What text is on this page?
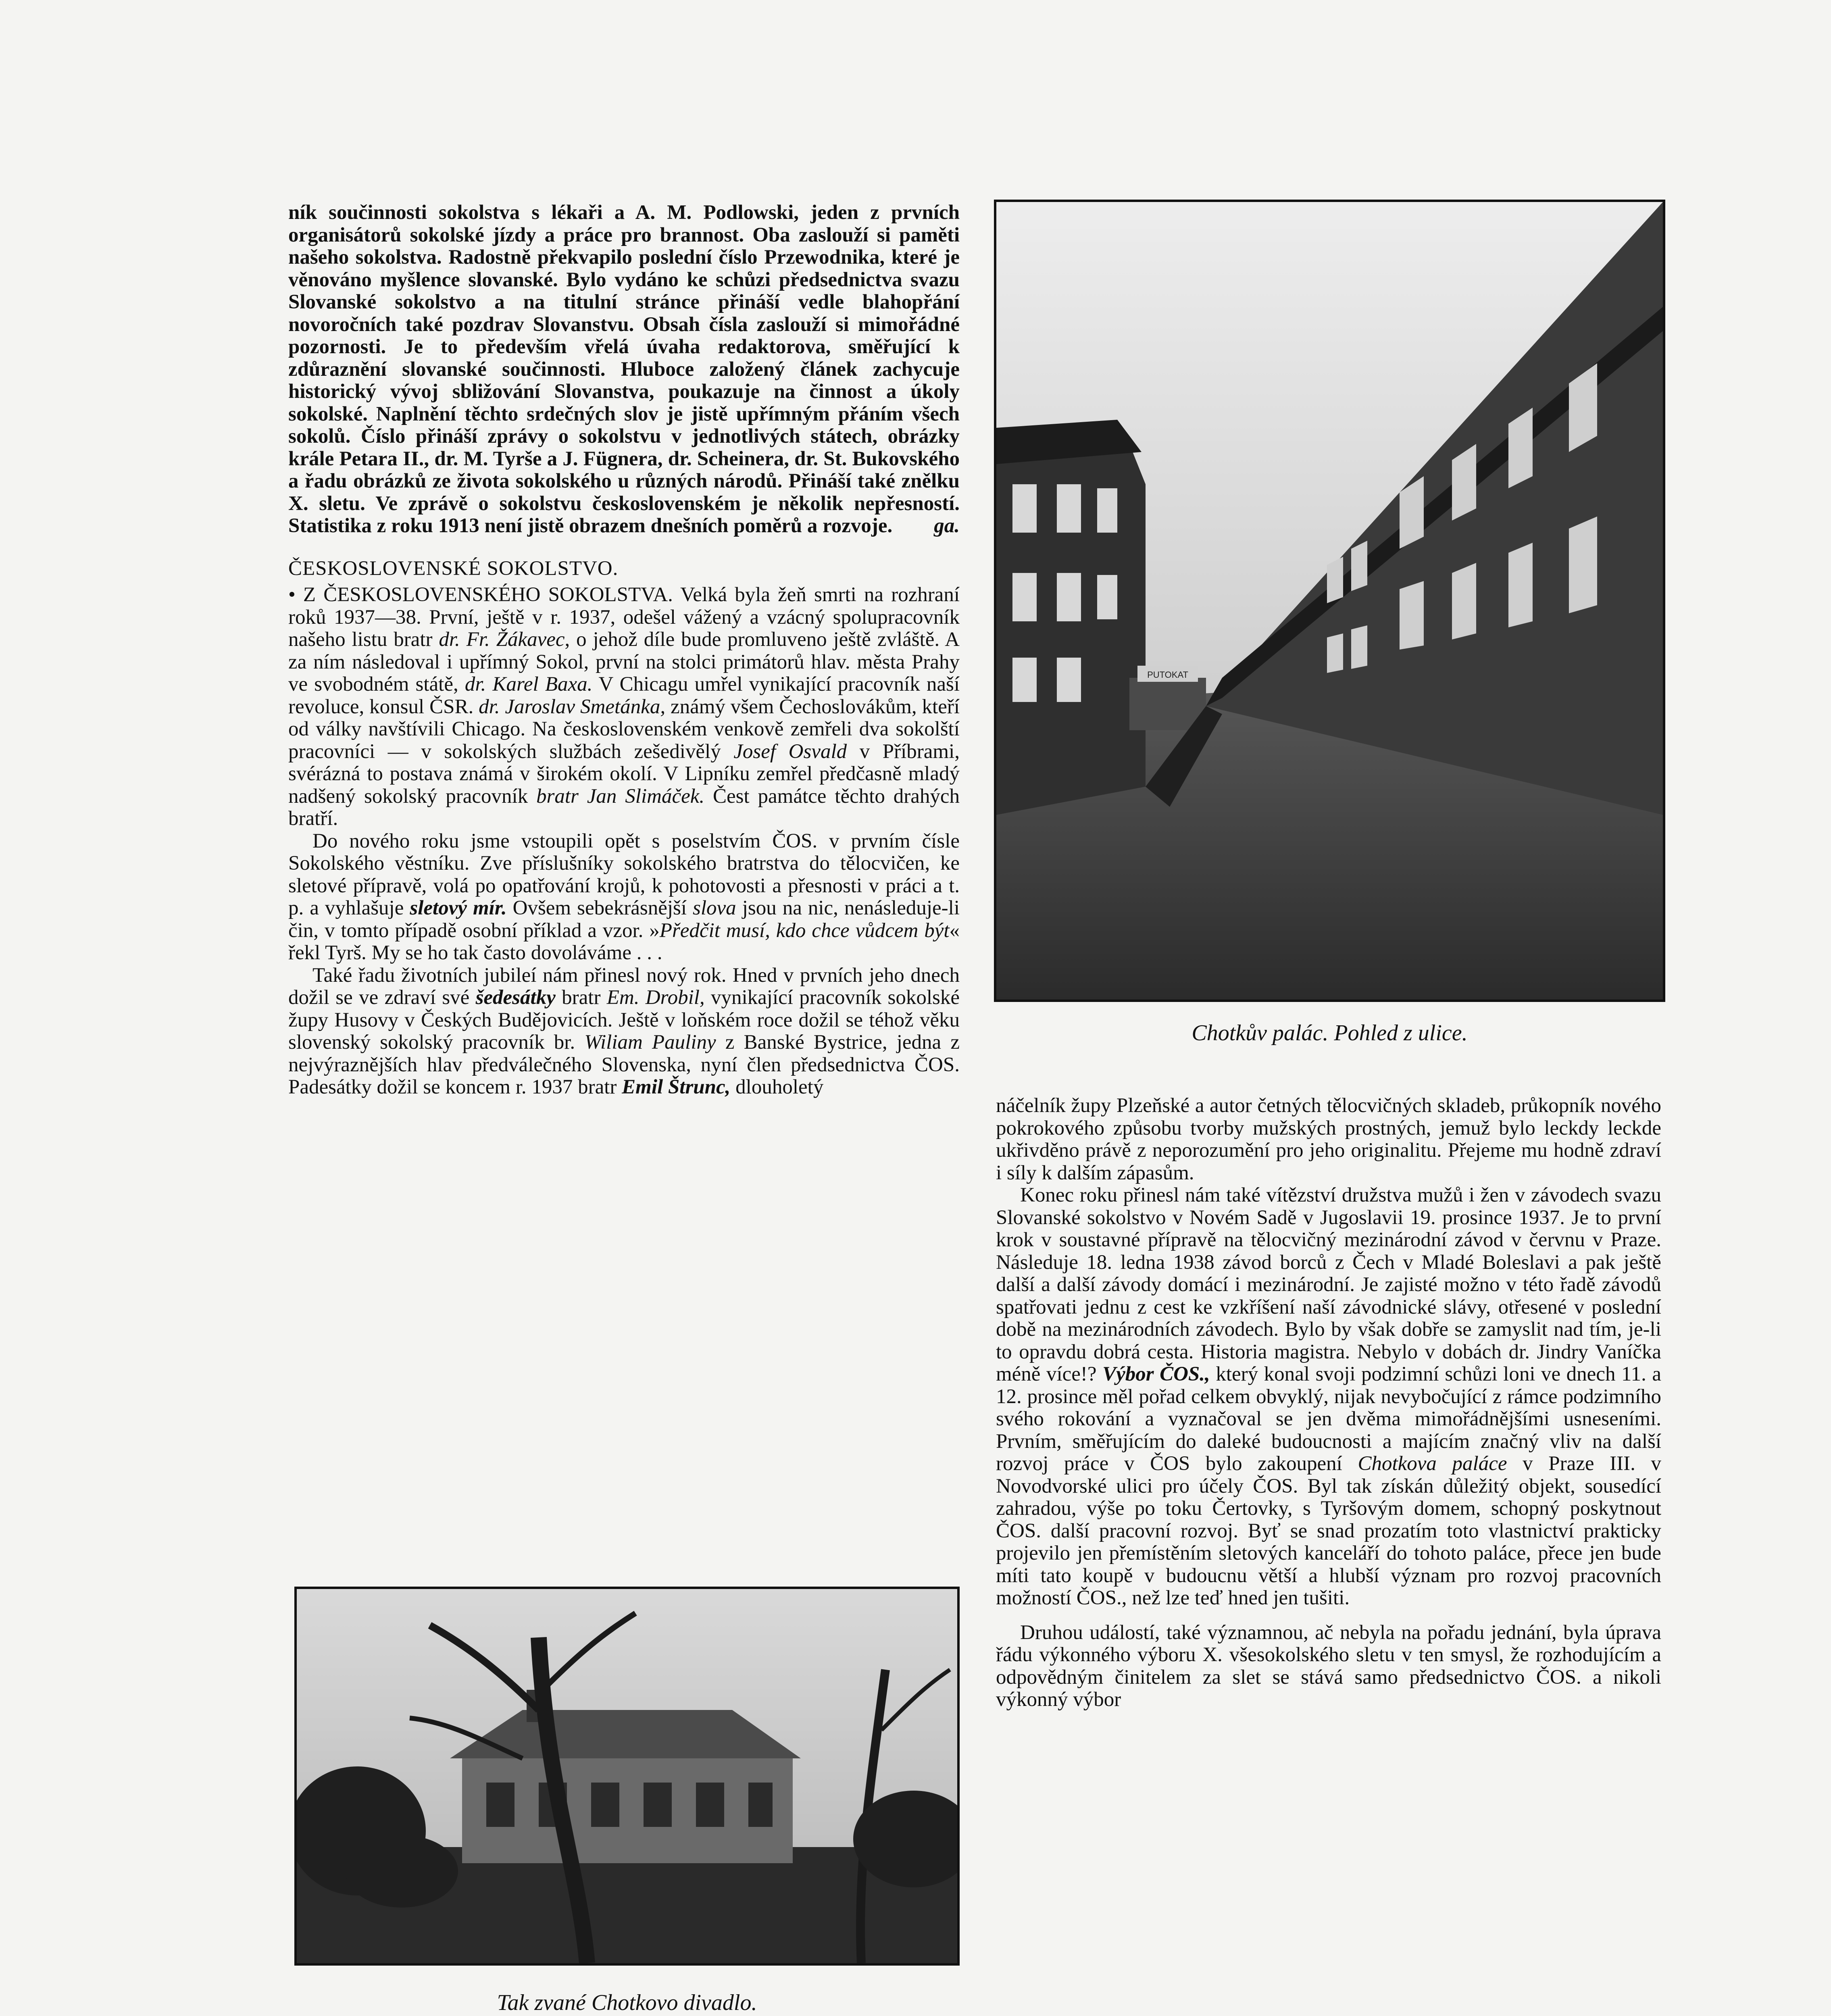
ník součinnosti sokolstva s lékaři a A. M. Podlowski, jeden z prvních organisátorů sokolské jízdy a práce pro brannost. Oba zaslouží si paměti našeho sokolstva. Radostně překvapilo poslední číslo Przewodnika, které je věnováno myšlence slovanské. Bylo vydáno ke schůzi předsednictva svazu Slovanské sokolstvo a na titulní stránce přináší vedle blahopřání novoročních také pozdrav Slovanstvu. Obsah čísla zaslouží si mimořádné pozornosti. Je to především vřelá úvaha redaktorova, směřující k zdůraznění slovanské součinnosti. Hluboce založený článek zachycuje historický vývoj sbližování Slovanstva, poukazuje na činnost a úkoly sokolské. Naplnění těchto srdečných slov je jistě upřímným přáním všech sokolů. Číslo přináší zprávy o sokolstvu v jednotlivých státech, obrázky krále Petara II., dr. M. Tyrše a J. Fügnera, dr. Scheinera, dr. St. Bukovského a řadu obrázků ze života sokolského u různých národů. Přináší také znělku X. sletu. Ve zprávě o sokolstvu československém je několik nepřesností. Statistika z roku 1913 není jistě obrazem dnešních poměrů a rozvoje. ga.

ČESKOSLOVENSKÉ SOKOLSTVO.

• Z ČESKOSLOVENSKÉHO SOKOLSTVA. Velká byla žeň smrti na rozhraní roků 1937—38. První, ještě v r. 1937, odešel vážený a vzácný spolupracovník našeho listu bratr dr. Fr. Žákavec, o jehož díle bude promluveno ještě zvláště. A za ním následoval i upřímný Sokol, první na stolci primátorů hlav. města Prahy ve svobodném státě, dr. Karel Baxa. V Chicagu umřel vynikající pracovník naší revoluce, konsul ČSR. dr. Jaroslav Smetánka, známý všem Čechoslovákům, kteří od války navštívili Chicago. Na československém venkově zemřeli dva sokolští pracovníci — v sokolských službách zešedivělý Josef Osvald v Příbrami, svérázná to postava známá v širokém okolí. V Lipníku zemřel předčasně mladý nadšený sokolský pracovník bratr Jan Slimáček. Čest památce těchto drahých bratří.

Do nového roku jsme vstoupili opět s poselstvím ČOS. v prvním čísle Sokolského věstníku. Zve příslušníky sokolského bratrstva do tělocvičen, ke sletové přípravě, volá po opatřování krojů, k pohotovosti a přesnosti v práci a t. p. a vyhlašuje sletový mír. Ovšem sebekrásnější slova jsou na nic, nenásleduje-li čin, v tomto případě osobní příklad a vzor. »Předčit musí, kdo chce vůdcem být« řekl Tyrš. My se ho tak často dovoláváme . . .

Také řadu životních jubileí nám přinesl nový rok. Hned v prvních jeho dnech dožil se ve zdraví své šedesátky bratr Em. Drobil, vynikající pracovník sokolské župy Husovy v Českých Budějovicích. Ještě v loňském roce dožil se téhož věku slovenský sokolský pracovník br. Wiliam Pauliny z Banské Bystrice, jedna z nejvýraznějších hlav předválečného Slovenska, nyní člen předsednictva ČOS. Padesátky dožil se koncem r. 1937 bratr Emil Štrunc, dlouholetý

náčelník župy Plzeňské a autor četných tělocvičných skladeb, průkopník nového pokrokového způsobu tvorby mužských prostných, jemuž bylo leckdy leckde ukřivděno právě z neporozumění pro jeho originalitu. Přejeme mu hodně zdraví i síly k dalším zápasům.

Konec roku přinesl nám také vítězství družstva mužů i žen v závodech svazu Slovanské sokolstvo v Novém Sadě v Jugoslavii 19. prosince 1937. Je to první krok v soustavné přípravě na tělocvičný mezinárodní závod v červnu v Praze. Následuje 18. ledna 1938 závod borců z Čech v Mladé Boleslavi a pak ještě další a další závody domácí i mezinárodní. Je zajisté možno v této řadě závodů spatřovati jednu z cest ke vzkříšení naší závodnické slávy, otřesené v poslední době na mezinárodních závodech. Bylo by však dobře se zamyslit nad tím, je-li to opravdu dobrá cesta. Historia magistra. Nebylo v dobách dr. Jindry Vaníčka méně více!? Výbor ČOS., který konal svoji podzimní schůzi loni ve dnech 11. a 12. prosince měl pořad celkem obvyklý, nijak nevybočující z rámce podzimního svého rokování a vyznačoval se jen dvěma mimořádnějšími usneseními. Prvním, směřujícím do daleké budoucnosti a majícím značný vliv na další rozvoj práce v ČOS bylo zakoupení Chotkova paláce v Praze III. v Novodvorské ulici pro účely ČOS. Byl tak získán důležitý objekt, sousedící zahradou, výše po toku Čertovky, s Tyršovým domem, schopný poskytnout ČOS. další pracovní rozvoj. Byť se snad prozatím toto vlastnictví prakticky projevilo jen přemístěním sletových kanceláří do tohoto paláce, přece jen bude míti tato koupě v budoucnu větší a hlubší význam pro rozvoj pracovních možností ČOS., než lze teď hned jen tušiti.

Druhou událostí, také významnou, ač nebyla na pořadu jednání, byla úprava řádu výkonného výboru X. všesokolského sletu v ten smysl, že rozhodujícím a odpovědným činitelem za slet se stává samo předsednictvo ČOS. a nikoli výkonný výbor

PUTOKAT
Chotkův palác. Pohled z ulice.
Tak zvané Chotkovo divadlo.
